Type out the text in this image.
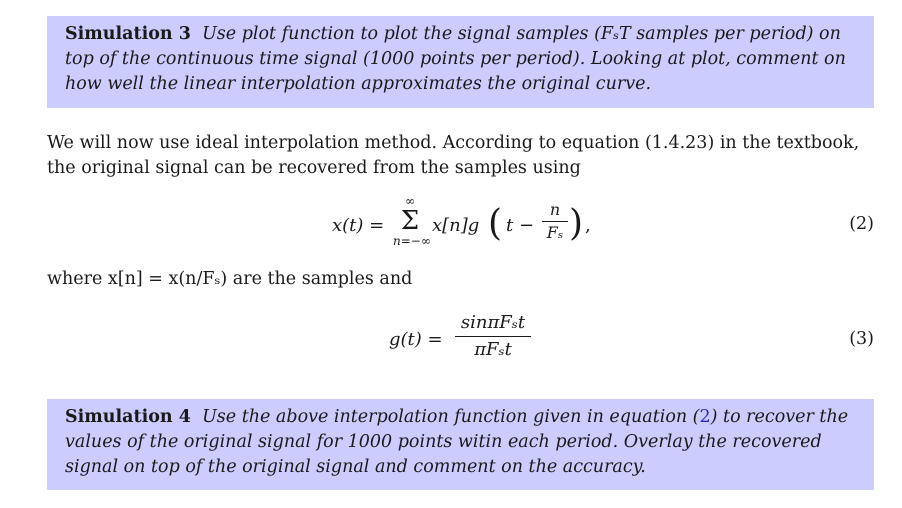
Simulation 3 Use plot function to plot the signal samples (FₛT samples per period) on
top of the continuous time signal (1000 points per period). Looking at plot, comment on
how well the linear interpolation approximates the original curve.
We will now use ideal interpolation method. According to equation (1.4.23) in the textbook,
the original signal can be recovered from the samples using
x(t) =
∞
Σ
n=−∞
x[n]g ( t −
n
Fₛ ) ,	(2)
where x[n] = x(n/Fₛ) are the samples and
g(t) =
sinπFₛt
πFₛt	(3)
Simulation 4 Use the above interpolation function given in equation (2) to recover the
values of the original signal for 1000 points witin each period. Overlay the recovered
signal on top of the original signal and comment on the accuracy.
